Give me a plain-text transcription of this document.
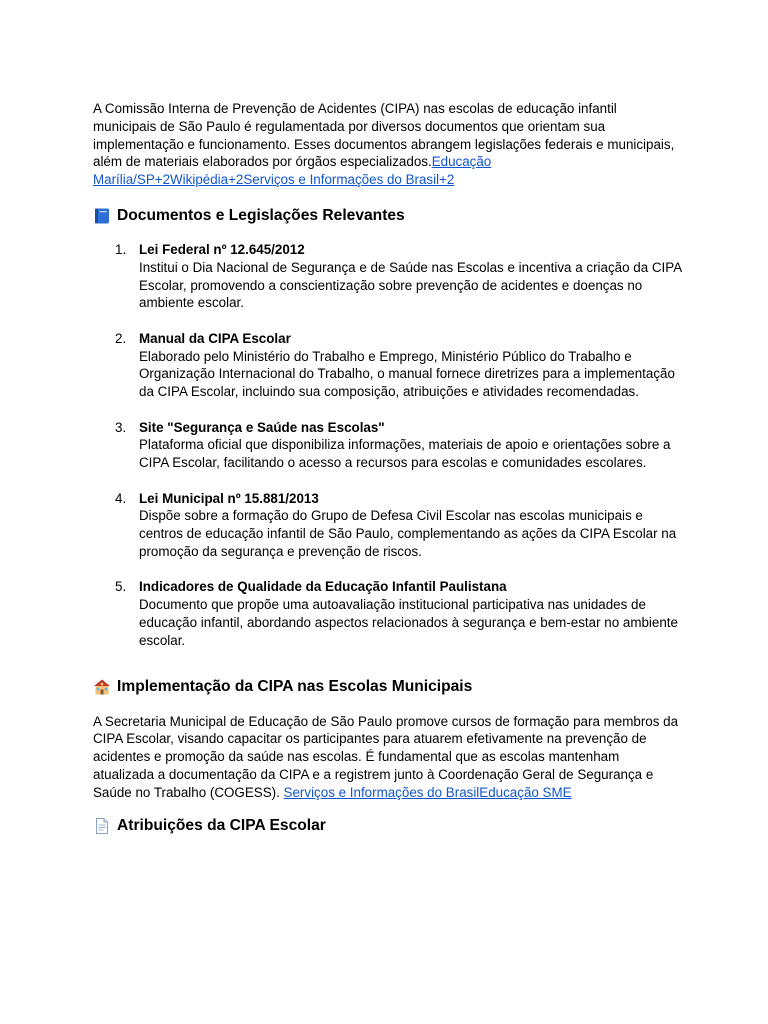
A Comissão Interna de Prevenção de Acidentes (CIPA) nas escolas de educação infantil municipais de São Paulo é regulamentada por diversos documentos que orientam sua implementação e funcionamento. Esses documentos abrangem legislações federais e municipais, além de materiais elaborados por órgãos especializados.Educação Marília/SP+2Wikipédia+2Serviços e Informações do Brasil+2

Documentos e Legislações Relevantes
1. Lei Federal nº 12.645/2012
Institui o Dia Nacional de Segurança e de Saúde nas Escolas e incentiva a criação da CIPA Escolar, promovendo a conscientização sobre prevenção de acidentes e doenças no ambiente escolar.
2. Manual da CIPA Escolar
Elaborado pelo Ministério do Trabalho e Emprego, Ministério Público do Trabalho e Organização Internacional do Trabalho, o manual fornece diretrizes para a implementação da CIPA Escolar, incluindo sua composição, atribuições e atividades recomendadas.
3. Site "Segurança e Saúde nas Escolas"
Plataforma oficial que disponibiliza informações, materiais de apoio e orientações sobre a CIPA Escolar, facilitando o acesso a recursos para escolas e comunidades escolares.
4. Lei Municipal nº 15.881/2013
Dispõe sobre a formação do Grupo de Defesa Civil Escolar nas escolas municipais e centros de educação infantil de São Paulo, complementando as ações da CIPA Escolar na promoção da segurança e prevenção de riscos.
5. Indicadores de Qualidade da Educação Infantil Paulistana
Documento que propõe uma autoavaliação institucional participativa nas unidades de educação infantil, abordando aspectos relacionados à segurança e bem-estar no ambiente escolar.
Implementação da CIPA nas Escolas Municipais

A Secretaria Municipal de Educação de São Paulo promove cursos de formação para membros da CIPA Escolar, visando capacitar os participantes para atuarem efetivamente na prevenção de acidentes e promoção da saúde nas escolas. É fundamental que as escolas mantenham atualizada a documentação da CIPA e a registrem junto à Coordenação Geral de Segurança e Saúde no Trabalho (COGESS). Serviços e Informações do BrasilEducação SME

Atribuições da CIPA Escolar
